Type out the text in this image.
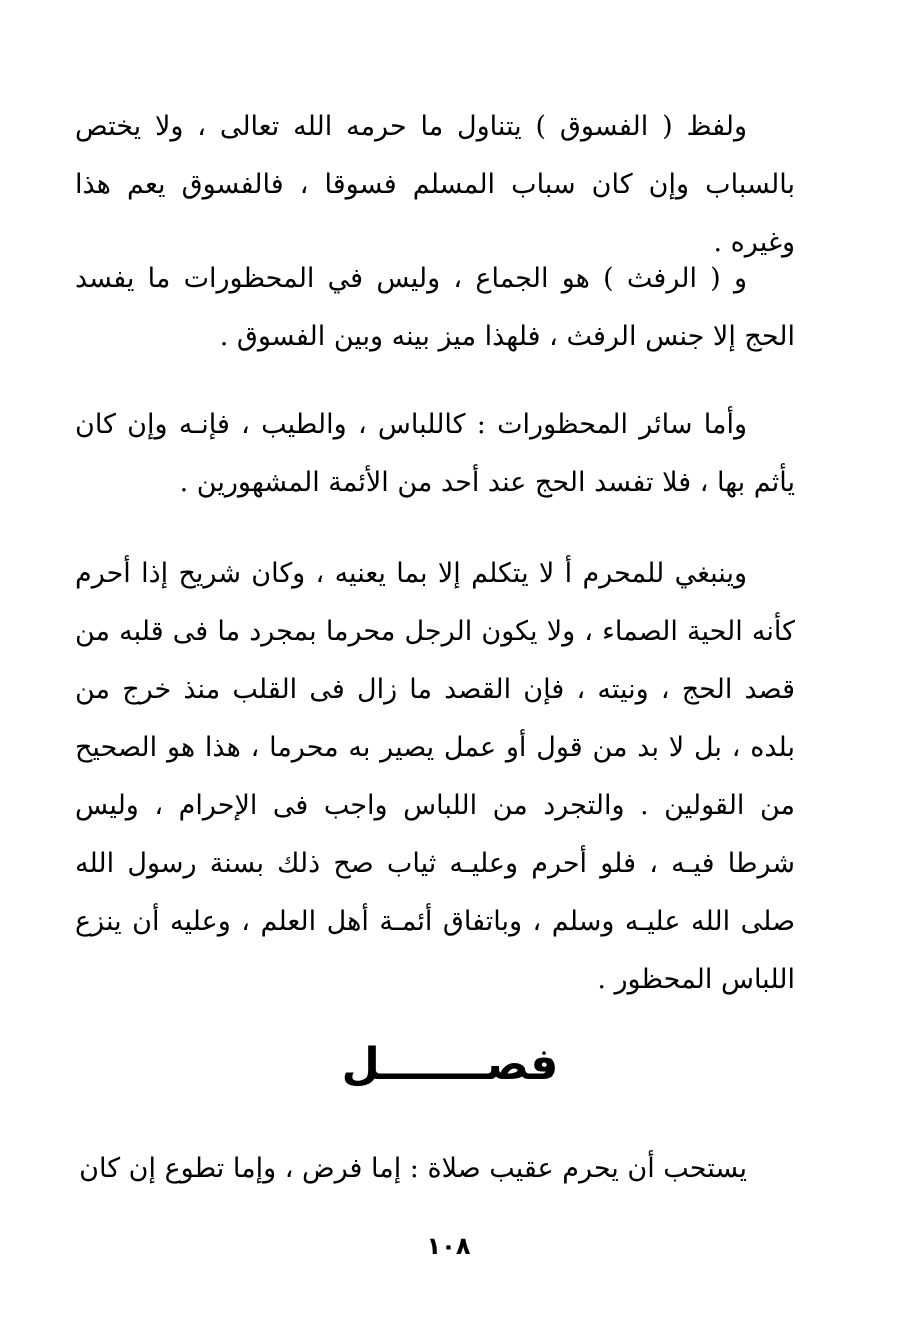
ولفظ ( الفسوق ) يتناول ما حرمه الله تعالى ، ولا يختص بالسباب وإن كان سباب المسلم فسوقا ، فالفسوق يعم هذا وغيره .

و ( الرفث ) هو الجماع ، وليس في المحظورات ما يفسد الحج إلا جنس الرفث ، فلهذا ميز بينه وبين الفسوق .

وأما سائر المحظورات : كاللباس ، والطيب ، فإنـه وإن كان يأثم بها ، فلا تفسد الحج عند أحد من الأئمة المشهورين .

وينبغي للمحرم أ لا يتكلم إلا بما يعنيه ، وكان شريح إذا أحرم كأنه الحية الصماء ، ولا يكون الرجل محرما بمجرد ما فى قلبه من قصد الحج ، ونيته ، فإن القصد ما زال فى القلب منذ خرج من بلده ، بل لا بد من قول أو عمل يصير به محرما ، هذا هو الصحيح من القولين . والتجرد من اللباس واجب فى الإحرام ، وليس شرطا فيـه ، فلو أحرم وعليـه ثياب صح ذلك بسنة رسول الله صلى الله عليـه وسلم ، وباتفاق أئمـة أهل العلم ، وعليه أن ينزع اللباس المحظور .

فصـــــــل

يستحب أن يحرم عقيب صلاة : إما فرض ، وإما تطوع إن كان

١٠٨
